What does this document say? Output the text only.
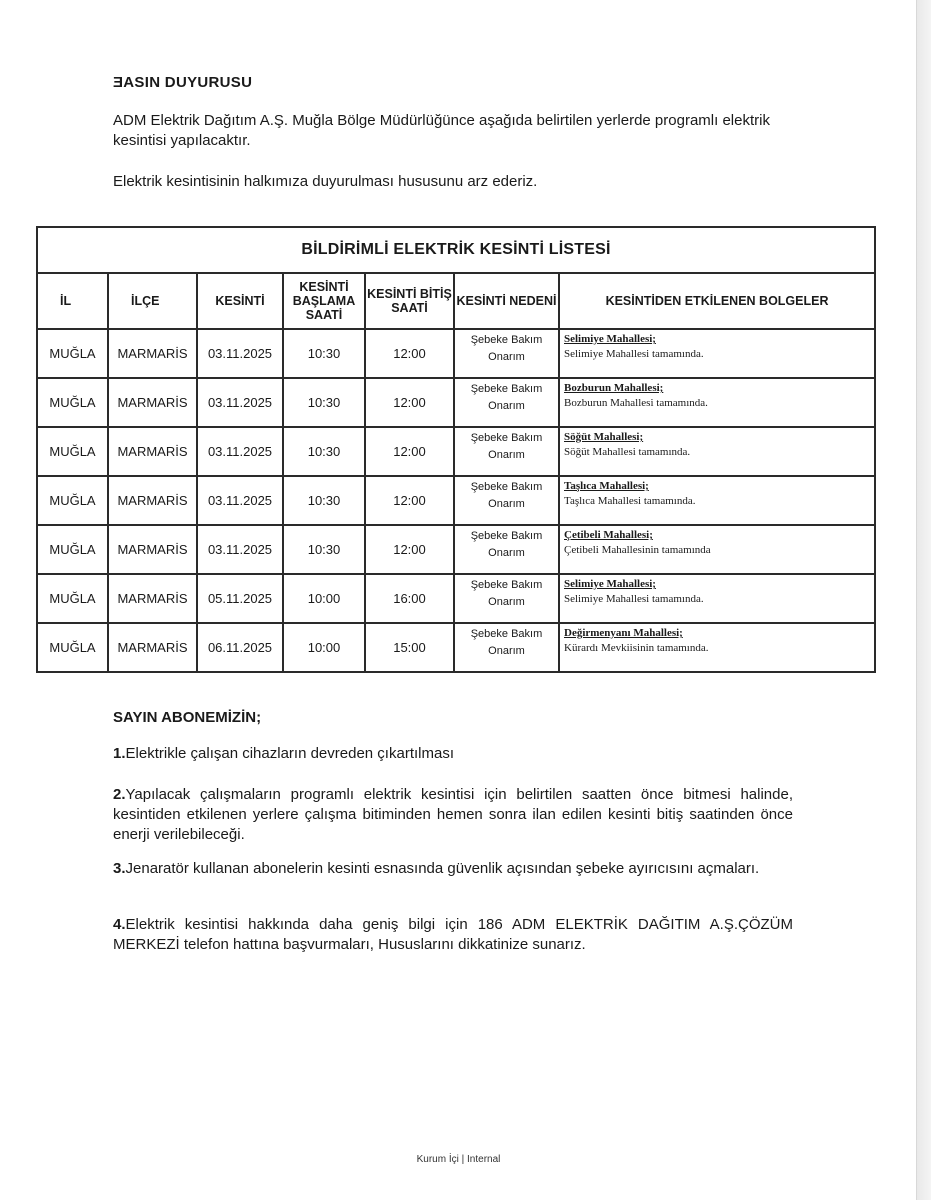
ƎASIN DUYURUSU
ADM Elektrik Dağıtım A.Ş. Muğla Bölge Müdürlüğünce aşağıda belirtilen yerlerde programlı elektrik kesintisi yapılacaktır.
Elektrik kesintisinin halkımıza duyurulması hususunu arz ederiz.
BİLDİRİMLİ ELEKTRİK KESİNTİ LİSTESİ						
İL	İLÇE	KESİNTİ	KESİNTİ BAŞLAMA SAATİ	KESİNTİ BİTİŞ SAATİ	KESİNTİ NEDENİ	KESİNTİDEN ETKİLENEN BOLGELER
MUĞLA	MARMARİS	03.11.2025	10:30	12:00	Şebeke Bakım Onarım	Selimiye Mahallesi;
Selimiye Mahallesi tamamında.

MUĞLA	MARMARİS	03.11.2025	10:30	12:00	Şebeke Bakım Onarım	Bozburun Mahallesi;
Bozburun Mahallesi tamamında.

MUĞLA	MARMARİS	03.11.2025	10:30	12:00	Şebeke Bakım Onarım	Söğüt Mahallesi;
Söğüt Mahallesi tamamında.

MUĞLA	MARMARİS	03.11.2025	10:30	12:00	Şebeke Bakım Onarım	Taşlıca Mahallesi;
Taşlıca Mahallesi tamamında.

MUĞLA	MARMARİS	03.11.2025	10:30	12:00	Şebeke Bakım Onarım	Çetibeli Mahallesi;
Çetibeli Mahallesinin tamamında

MUĞLA	MARMARİS	05.11.2025	10:00	16:00	Şebeke Bakım Onarım	Selimiye Mahallesi;
Selimiye Mahallesi tamamında.

MUĞLA	MARMARİS	06.11.2025	10:00	15:00	Şebeke Bakım Onarım	Değirmenyanı Mahallesi;
Kürardı Mevkiisinin tamamında.
SAYIN ABONEMİZİN;
1.Elektrikle çalışan cihazların devreden çıkartılması
2.Yapılacak çalışmaların programlı elektrik kesintisi için belirtilen saatten önce bitmesi halinde, kesintiden etkilenen yerlere çalışma bitiminden hemen sonra ilan edilen kesinti bitiş saatinden önce enerji verilebileceği.
3.Jenaratör kullanan abonelerin kesinti esnasında güvenlik açısından şebeke ayırıcısını açmaları.
4.Elektrik kesintisi hakkında daha geniş bilgi için 186 ADM ELEKTRİK DAĞITIM A.Ş.ÇÖZÜM MERKEZİ telefon hattına başvurmaları, Hususlarını dikkatinize sunarız.
Kurum İçi | Internal
